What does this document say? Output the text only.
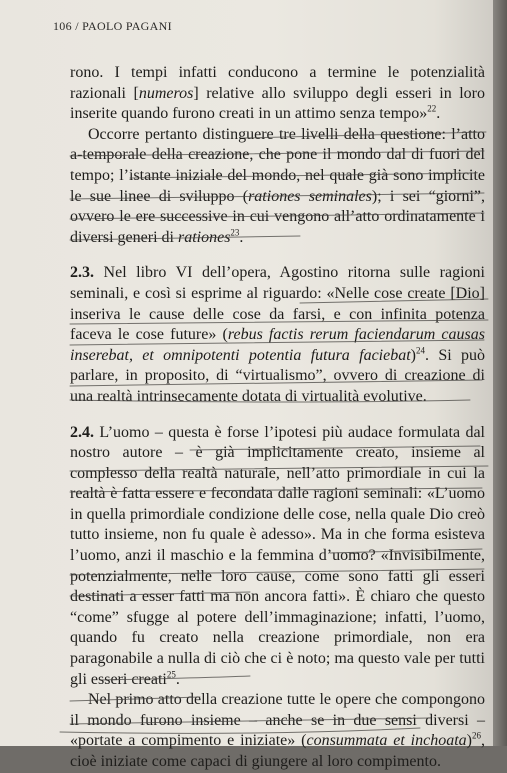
106 / PAOLO PAGANI

rono. I tempi infatti conducono a termine le potenzialità razionali [numeros] relative allo sviluppo degli esseri in loro inserite quando furono creati in un attimo senza tempo»$^{22}$.

Occorre pertanto distinguere tre livelli della questione: l’atto a-temporale della creazione, che pone il mondo dal di fuori del tempo; l’istante iniziale del mondo, nel quale già sono implicite le sue linee di sviluppo (rationes seminales); i sei “giorni”, ovvero le ere successive in cui vengono all’atto ordinatamente i diversi generi di rationes$^{23}$.

2.3. Nel libro VI dell’opera, Agostino ritorna sulle ragioni seminali, e così si esprime al riguardo: «Nelle cose create [Dio] inseriva le cause delle cose da farsi, e con infinita potenza faceva le cose future» (rebus factis rerum faciendarum causas inserebat, et omnipotenti potentia futura faciebat)$^{24}$. Si può parlare, in proposito, di “virtualismo”, ovvero di creazione di una realtà intrinsecamente dotata di virtualità evolutive.

2.4. L’uomo – questa è forse l’ipotesi più audace formulata dal nostro autore – è già implicitamente creato, insieme al complesso della realtà naturale, nell’atto primordiale in cui la realtà è fatta essere e fecondata dalle ragioni seminali: «L’uomo in quella primordiale condizione delle cose, nella quale Dio creò tutto insieme, non fu quale è adesso». Ma in che forma esisteva l’uomo, anzi il maschio e la femmina d’uomo? «Invisibilmente, potenzialmente, nelle loro cause, come sono fatti gli esseri destinati a esser fatti ma non ancora fatti». È chiaro che questo “come” sfugge al potere dell’immaginazione; infatti, l’uomo, quando fu creato nella creazione primordiale, non era paragonabile a nulla di ciò che ci è noto; ma questo vale per tutti gli esseri creati$^{25}$.

Nel primo atto della creazione tutte le opere che compongono il mondo furono insieme – anche se in due sensi diversi – «portate a compimento e iniziate» (consummata et inchoata)$^{26}$, cioè iniziate come capaci di giungere al loro compimento.
